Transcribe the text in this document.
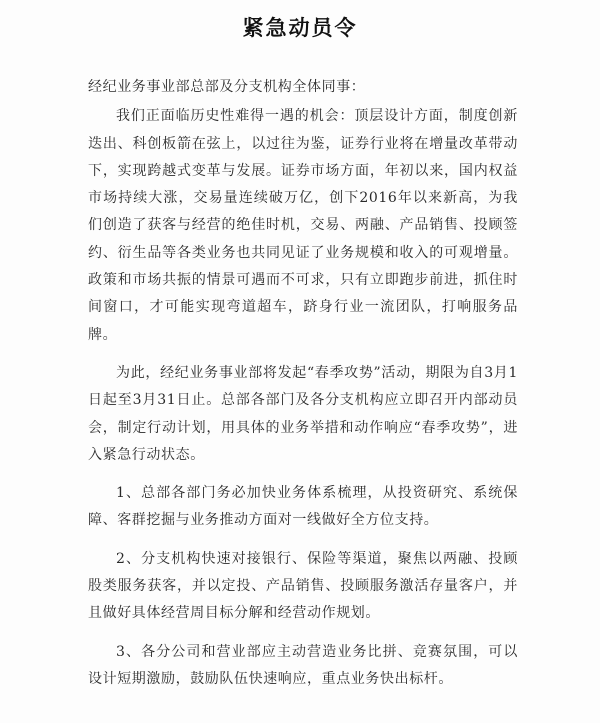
紧急动员令

经纪业务事业部总部及分支机构全体同事：

我们正面临历史性难得一遇的机会：顶层设计方面，制度创新迭出、科创板箭在弦上，以过往为鉴，证券行业将在增量改革带动下，实现跨越式变革与发展。证券市场方面，年初以来，国内权益市场持续大涨，交易量连续破万亿，创下2016年以来新高，为我们创造了获客与经营的绝佳时机，交易、两融、产品销售、投顾签约、衍生品等各类业务也共同见证了业务规模和收入的可观增量。政策和市场共振的情景可遇而不可求，只有立即跑步前进，抓住时间窗口，才可能实现弯道超车，跻身行业一流团队，打响服务品牌。

为此，经纪业务事业部将发起“春季攻势”活动，期限为自3月1日起至3月31日止。总部各部门及各分支机构应立即召开内部动员会，制定行动计划，用具体的业务举措和动作响应“春季攻势”，进入紧急行动状态。

1、总部各部门务必加快业务体系梳理，从投资研究、系统保障、客群挖掘与业务推动方面对一线做好全方位支持。

2、分支机构快速对接银行、保险等渠道，聚焦以两融、投顾股类服务获客，并以定投、产品销售、投顾服务激活存量客户，并且做好具体经营周目标分解和经营动作规划。

3、各分公司和营业部应主动营造业务比拼、竞赛氛围，可以设计短期激励，鼓励队伍快速响应，重点业务快出标杆。
